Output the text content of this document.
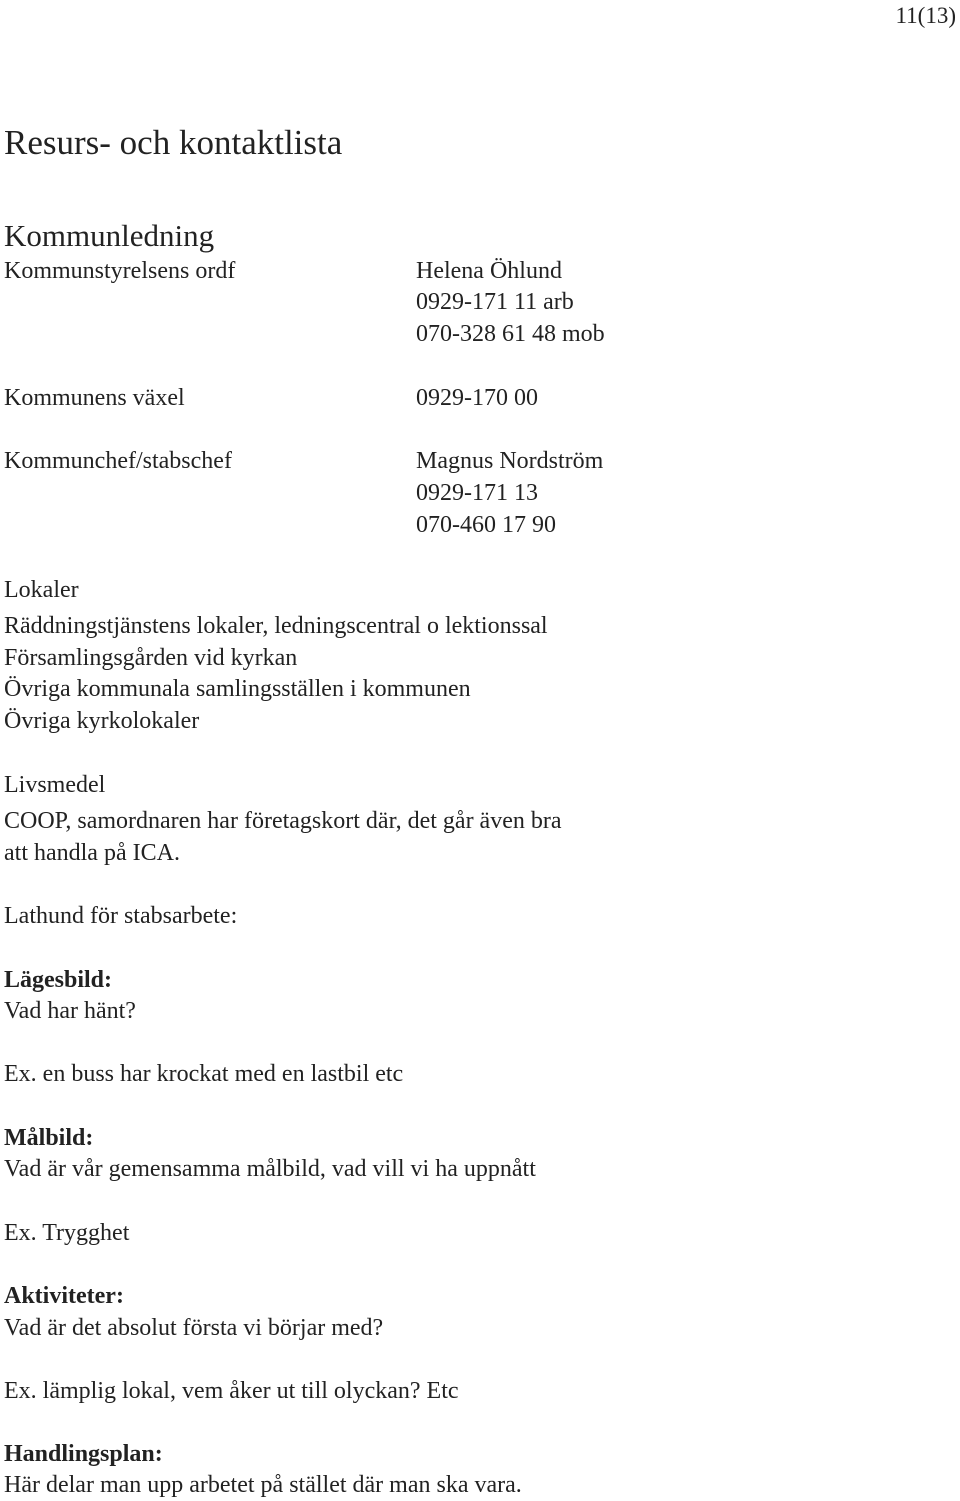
11(13)
Resurs- och kontaktlista
Kommunledning
Kommunstyrelsens ordf	Helena Öhlund
0929-171 11 arb
070-328 61 48 mob
Kommunens växel	0929-170 00
Kommunchef/stabschef	Magnus Nordström
0929-171 13
070-460 17 90
Lokaler
Räddningstjänstens lokaler, ledningscentral o lektionssal
Församlingsgården vid kyrkan
Övriga kommunala samlingsställen i kommunen
Övriga kyrkolokaler
Livsmedel
COOP, samordnaren har företagskort där, det går även bra
att handla på ICA.
Lathund för stabsarbete:
Lägesbild:
Vad har hänt?
Ex. en buss har krockat med en lastbil etc
Målbild:
Vad är vår gemensamma målbild, vad vill vi ha uppnått
Ex. Trygghet
Aktiviteter:
Vad är det absolut första vi börjar med?
Ex. lämplig lokal, vem åker ut till olyckan? Etc
Handlingsplan:
Här delar man upp arbetet på stället där man ska vara.
